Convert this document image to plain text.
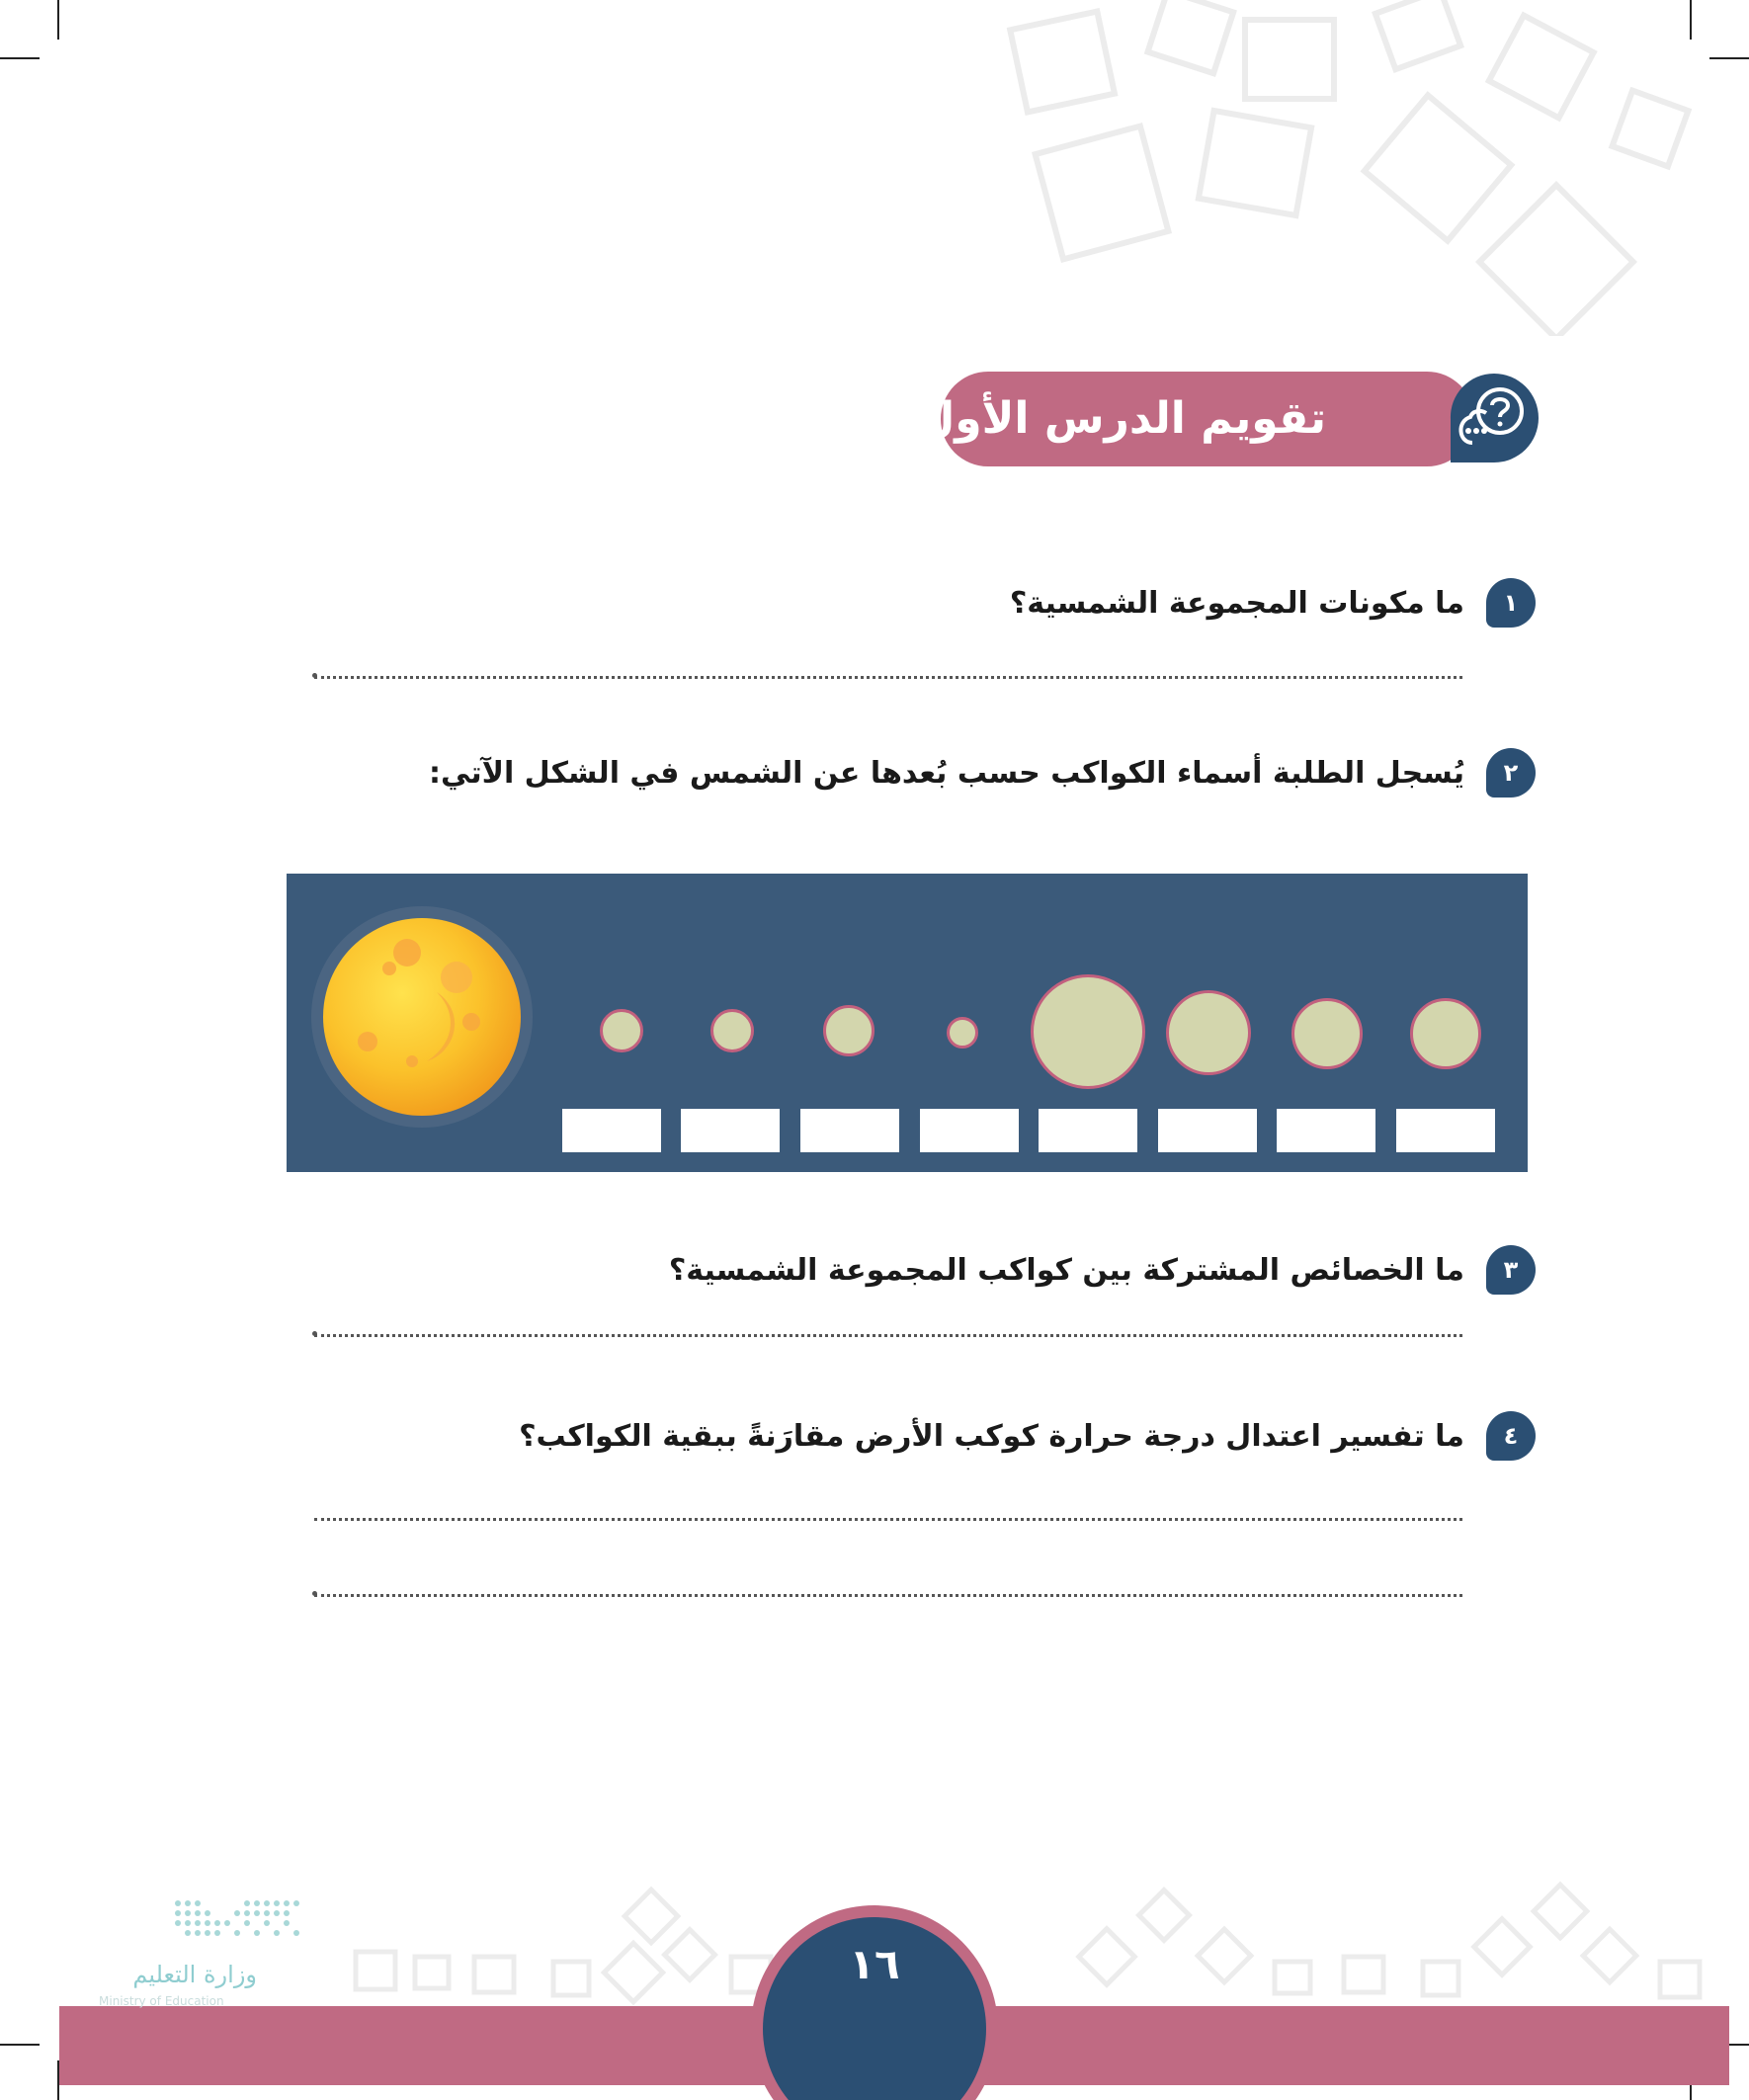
تقويم الدرس الأول
١
ما مكونات المجموعة الشمسية؟
٢
يُسجل الطلبة أسماء الكواكب حسب بُعدها عن الشمس في الشكل الآتي:
٣
ما الخصائص المشتركة بين كواكب المجموعة الشمسية؟
٤
ما تفسير اعتدال درجة حرارة كوكب الأرض مقارَنةً ببقية الكواكب؟
١٦
وزارة التعليم
Ministry of Education
